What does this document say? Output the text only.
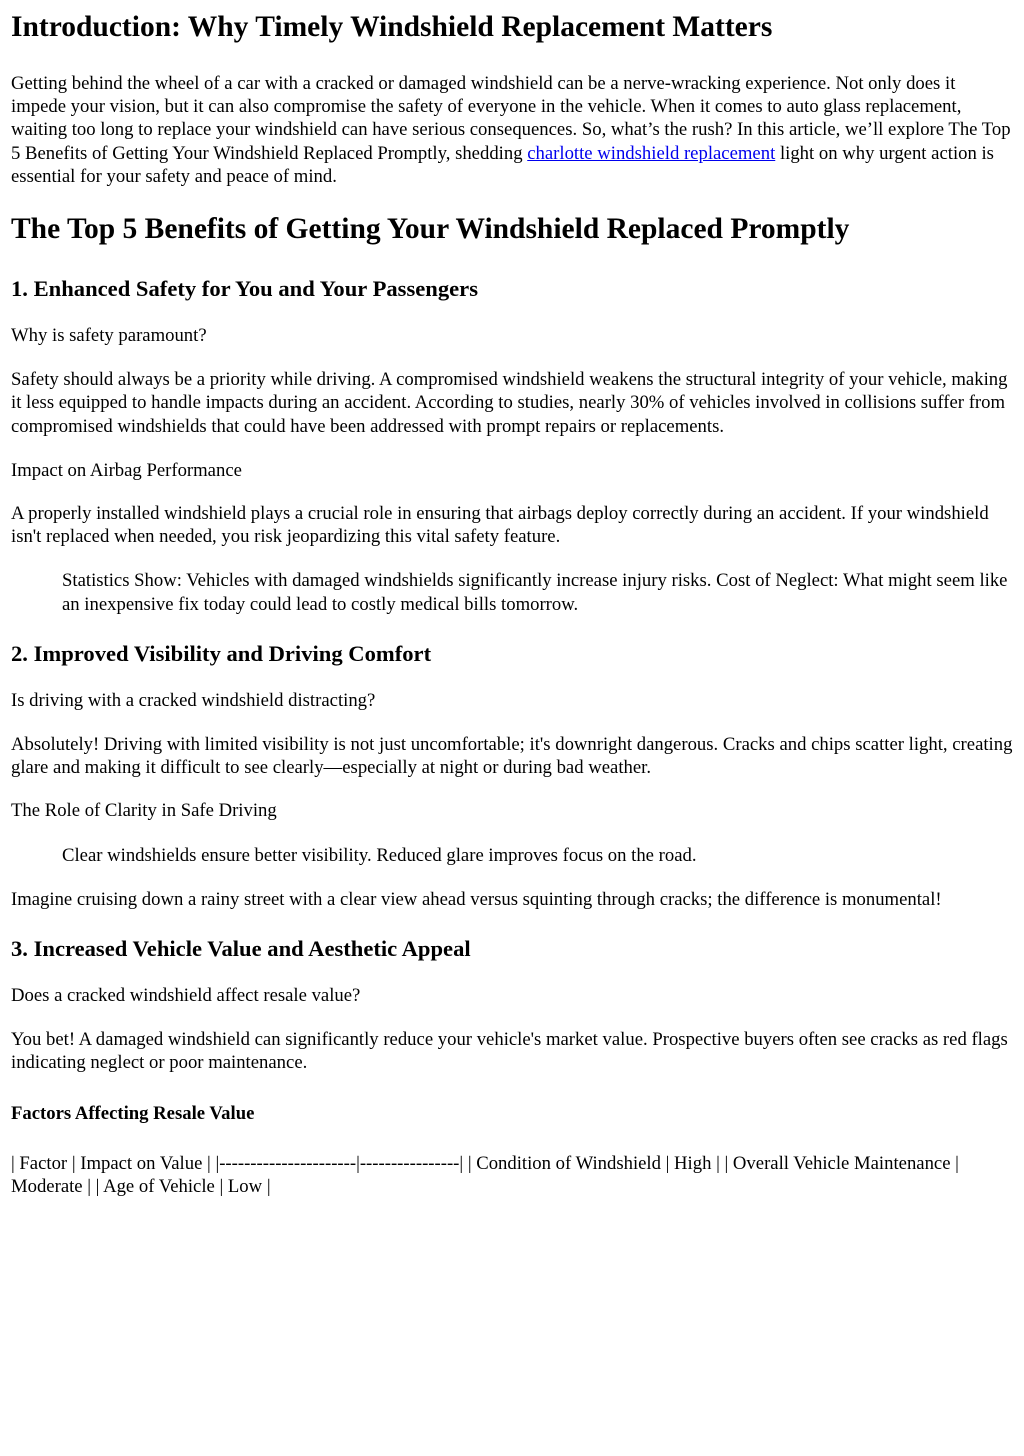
Introduction: Why Timely Windshield Replacement Matters

Getting behind the wheel of a car with a cracked or damaged windshield can be a nerve-wracking experience. Not only does it impede your vision, but it can also compromise the safety of everyone in the vehicle. When it comes to auto glass replacement, waiting too long to replace your windshield can have serious consequences. So, what’s the rush? In this article, we’ll explore The Top 5 Benefits of Getting Your Windshield Replaced Promptly, shedding charlotte windshield replacement light on why urgent action is essential for your safety and peace of mind.

The Top 5 Benefits of Getting Your Windshield Replaced Promptly
1. Enhanced Safety for You and Your Passengers

Why is safety paramount?

Safety should always be a priority while driving. A compromised windshield weakens the structural integrity of your vehicle, making it less equipped to handle impacts during an accident. According to studies, nearly 30% of vehicles involved in collisions suffer from compromised windshields that could have been addressed with prompt repairs or replacements.

Impact on Airbag Performance

A properly installed windshield plays a crucial role in ensuring that airbags deploy correctly during an accident. If your windshield isn't replaced when needed, you risk jeopardizing this vital safety feature.

Statistics Show: Vehicles with damaged windshields significantly increase injury risks. Cost of Neglect: What might seem like an inexpensive fix today could lead to costly medical bills tomorrow.
2. Improved Visibility and Driving Comfort

Is driving with a cracked windshield distracting?

Absolutely! Driving with limited visibility is not just uncomfortable; it's downright dangerous. Cracks and chips scatter light, creating glare and making it difficult to see clearly—especially at night or during bad weather.

The Role of Clarity in Safe Driving

Clear windshields ensure better visibility. Reduced glare improves focus on the road.

Imagine cruising down a rainy street with a clear view ahead versus squinting through cracks; the difference is monumental!

3. Increased Vehicle Value and Aesthetic Appeal

Does a cracked windshield affect resale value?

You bet! A damaged windshield can significantly reduce your vehicle's market value. Prospective buyers often see cracks as red flags indicating neglect or poor maintenance.

Factors Affecting Resale Value

| Factor | Impact on Value | |----------------------|----------------| | Condition of Windshield | High | | Overall Vehicle Maintenance | Moderate | | Age of Vehicle | Low |
